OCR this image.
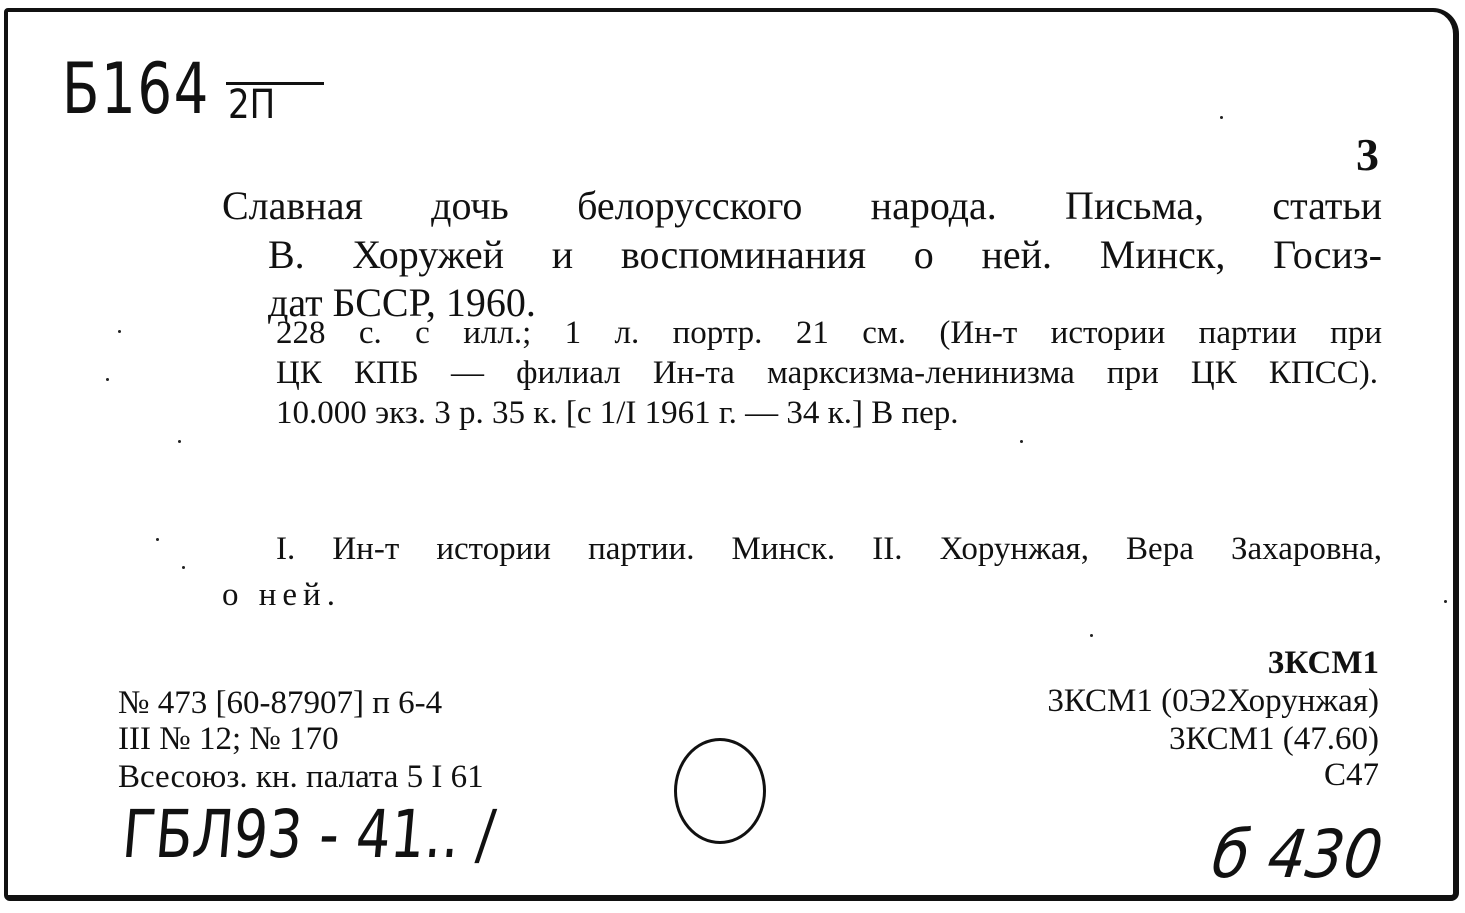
Б164 2П
3
Славная дочь белорусского народа. Письма, статьи
В. Хоружей и воспоминания о ней. Минск, Госиз-
дат БССР, 1960.
228 с. с илл.; 1 л. портр. 21 см. (Ин-т истории партии при
ЦК КПБ — филиал Ин-та марксизма-ленинизма при ЦК КПСС).
10.000 экз. 3 р. 35 к. [с 1/I 1961 г. — 34 к.] В пер.
I. Ин-т истории партии. Минск. II. Хорунжая, Вера Захаровна,
о ней.
3КСМ1
3КСМ1 (0Э2Хорунжая)
3КСМ1 (47.60)
С47
№ 473 [60-87907] п 6-4
III № 12; № 170
Всесоюз. кн. палата 5 I 61
ГБЛ93 - 41.. /	б 430
